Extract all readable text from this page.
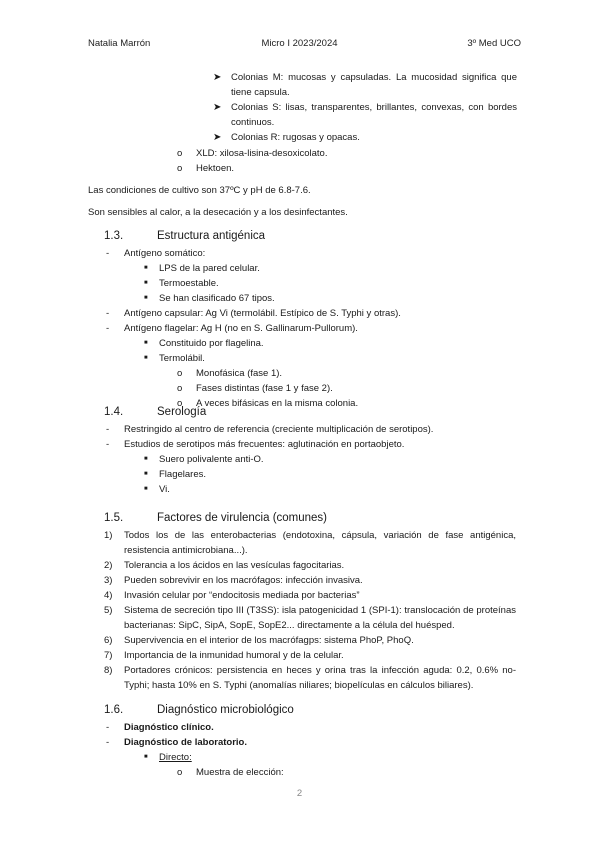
Natalia Marrón	Micro I 2023/2024	3º Med UCO
➤ Colonias M: mucosas y capsuladas. La mucosidad significa que tiene capsula.
➤ Colonias S: lisas, transparentes, brillantes, convexas, con bordes continuos.
➤ Colonias R: rugosas y opacas.
o XLD: xilosa-lisina-desoxicolato.
o Hektoen.
Las condiciones de cultivo son 37ºC y pH de 6.8-7.6.
Son sensibles al calor, a la desecación y a los desinfectantes.
1.3.	Estructura antigénica
- Antígeno somático:
■ LPS de la pared celular.
■ Termoestable.
■ Se han clasificado 67 tipos.
- Antígeno capsular: Ag Vi (termolábil. Estípico de S. Typhi y otras).
- Antígeno flagelar: Ag H (no en S. Gallinarum-Pullorum).
■ Constituido por flagelina.
■ Termolábil.
o Monofásica (fase 1).
o Fases distintas (fase 1 y fase 2).
o A veces bifásicas en la misma colonia.
1.4.	Serología
- Restringido al centro de referencia (creciente multiplicación de serotipos).
- Estudios de serotipos más frecuentes: aglutinación en portaobjeto.
■ Suero polivalente anti-O.
■ Flagelares.
■ Vi.
1.5.	Factores de virulencia (comunes)
1) Todos los de las enterobacterias (endotoxina, cápsula, variación de fase antigénica, resistencia antimicrobiana...).
2) Tolerancia a los ácidos en las vesículas fagocitarias.
3) Pueden sobrevivir en los macrófagos: infección invasiva.
4) Invasión celular por “endocitosis mediada por bacterias”
5) Sistema de secreción tipo III (T3SS): isla patogenicidad 1 (SPI-1): translocación de proteínas bacterianas: SipC, SipA, SopE, SopE2... directamente a la célula del huésped.
6) Supervivencia en el interior de los macrófagps: sistema PhoP, PhoQ.
7) Importancia de la inmunidad humoral y de la celular.
8) Portadores crónicos: persistencia en heces y orina tras la infección aguda: 0.2, 0.6% no-Typhi; hasta 10% en S. Typhi (anomalías niliares; biopelículas en cálculos biliares).
1.6.	Diagnóstico microbiológico
- Diagnóstico clínico.
- Diagnóstico de laboratorio.
■ Directo:
o Muestra de elección:
2
